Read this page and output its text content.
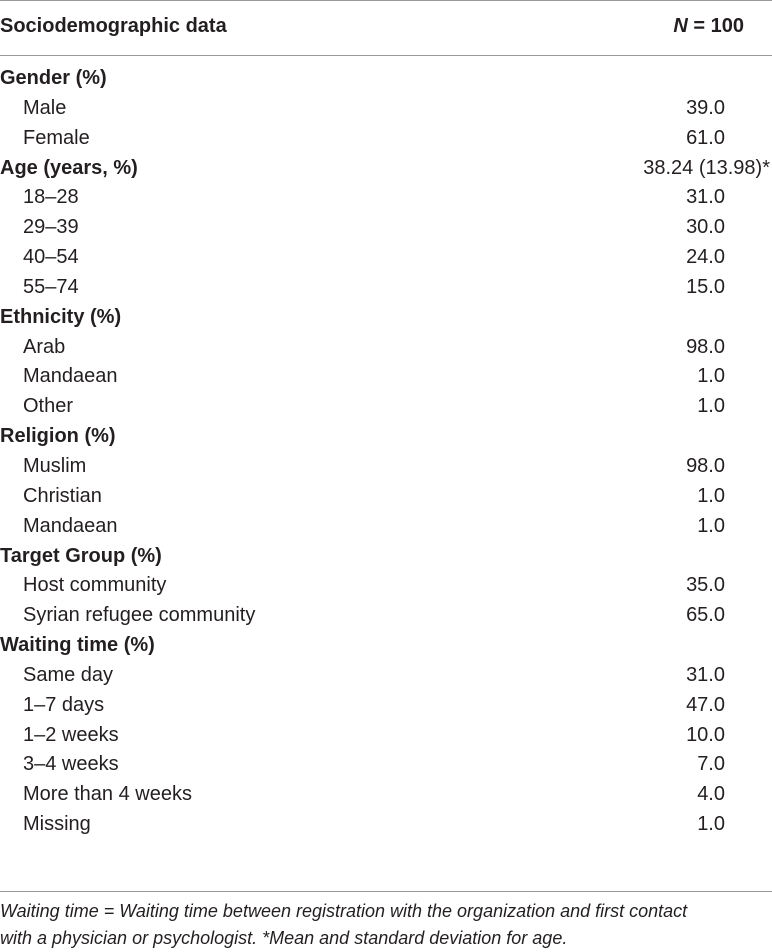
Sociodemographic data	N = 100
Gender (%)
Male	39.0
Female	61.0
Age (years, %)	38.24 (13.98)*
18–28	31.0
29–39	30.0
40–54	24.0
55–74	15.0
Ethnicity (%)
Arab	98.0
Mandaean	1.0
Other	1.0
Religion (%)
Muslim	98.0
Christian	1.0
Mandaean	1.0
Target Group (%)
Host community	35.0
Syrian refugee community	65.0
Waiting time (%)
Same day	31.0
1–7 days	47.0
1–2 weeks	10.0
3–4 weeks	7.0
More than 4 weeks	4.0
Missing	1.0
Waiting time = Waiting time between registration with the organization and first contact
with a physician or psychologist. *Mean and standard deviation for age.
